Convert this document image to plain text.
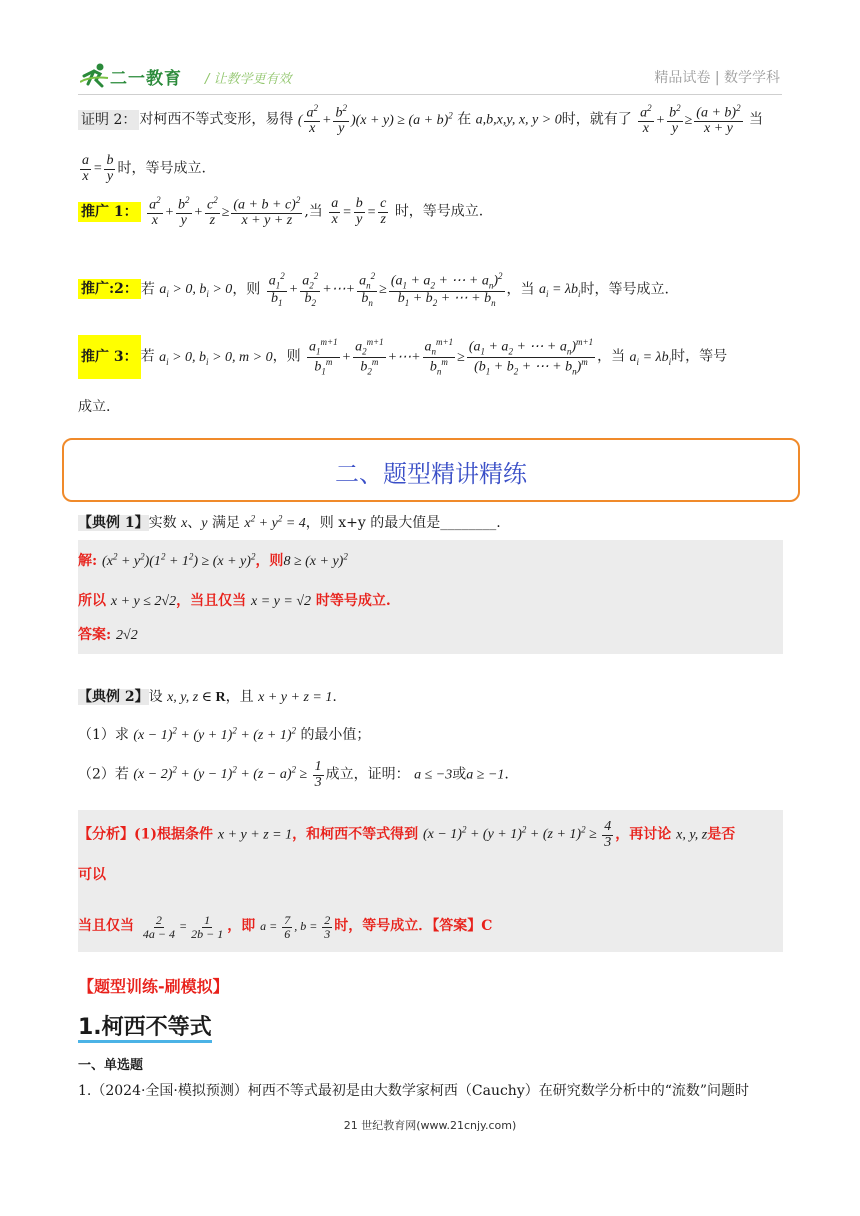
二一教育 / 让教学更有效	精品试卷 | 数学学科
证明 2： 对柯西不等式变形，易得 ( $\frac{a^2}{x} + \frac{b^2}{y} )(x + y) \ge (a + b)^2$ 在 a,b,x,y, x, y > 0时，就有了 $\frac{a^2}{x} + \frac{b^2}{y} \ge \frac{(a + b)^2}{x + y}$ 当
$\frac{a}{x} = \frac{b}{y}$ 时，等号成立.
推广 1： $\frac{a^2}{x} + \frac{b^2}{y} + \frac{c^2}{z} \ge \frac{(a + b + c)^2}{x + y + z}$ ,当 $\frac{a}{x} = \frac{b}{y} = \frac{c}{z}$ 时，等号成立.
推广:2： 若 $a_i > 0$, $b_i > 0$，则 $\frac{a_1^2}{b_1} + \frac{a_2^2}{b_2}$ +⋯+ $\frac{a_n^2}{b_n} \ge \frac{(a_1 + a_2 + \cdots + a_n)^2}{b_1 + b_2 + \cdots + b_n}$ ，当 $a_i = \lambda b_i$时，等号成立.
推广 3： 若 $a_i > 0$, $b_i > 0$, m > 0，则 $\frac{a_1^{m+1}}{b_1^m} + \frac{a_2^{m+1}}{b_2^m}$ +⋯+ $\frac{a_n^{m+1}}{b_n^m} \ge \frac{(a_1 + a_2 + \cdots + a_n)^{m+1}}{(b_1 + b_2 + \cdots + b_n)^m}$ ，当 $a_i = \lambda b_i$时，等号
成立.
二、题型精讲精练
【典例 1】实数 x、y 满足 $x^2 + y^2 = 4$，则 x+y 的最大值是________.
解: $(x^2 + y^2)(1^2 + 1^2) \ge (x + y)^2$，则$8 \ge (x + y)^2$
所以 x + y ≤ 2√2，当且仅当 x = y = √2 时等号成立.
答案: 2√2
【典例 2】设 x, y, z ∈ R，且 x + y + z = 1.
（1）求 $(x - 1)^2 + (y + 1)^2 + (z + 1)^2$ 的最小值；
（2）若 $(x - 2)^2 + (y - 1)^2 + (z - a)^2 \ge \frac{1}{3}$ 成立，证明： a ≤ −3或a ≥ −1.
【分析】(1)根据条件 x + y + z = 1，和柯西不等式得到 $(x - 1)^2 + (y + 1)^2 + (z + 1)^2 \ge \frac{4}{3}$ ，再讨论 x, y, z是否
可以
当且仅当 $\frac{2}{4a - 4} = \frac{1}{2b - 1}$ ，即 $a = \frac{7}{6}$ , $b = \frac{2}{3}$ 时，等号成立．【答案】C
【题型训练-刷模拟】
1.柯西不等式
一、单选题
1.（2024·全国·模拟预测）柯西不等式最初是由大数学家柯西（Cauchy）在研究数学分析中的“流数”问题时
21 世纪教育网(www.21cnjy.com)
